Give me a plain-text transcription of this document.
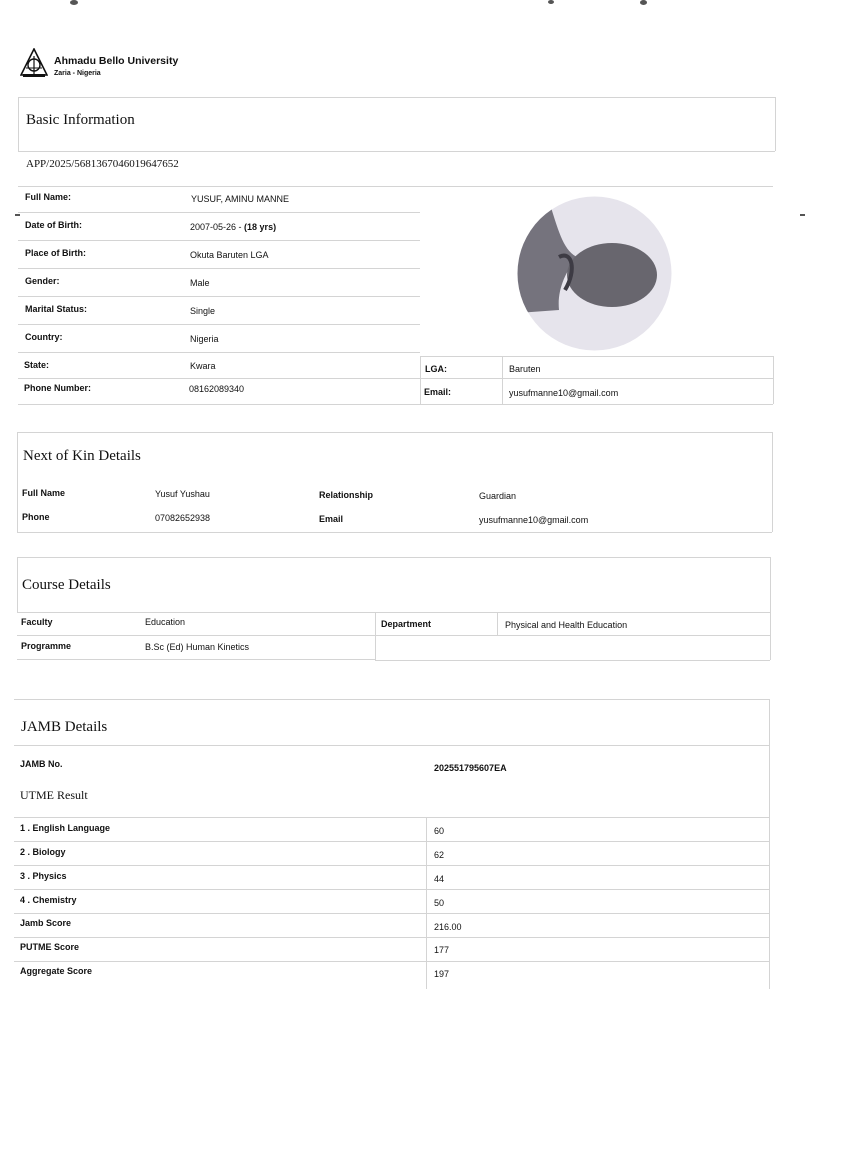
Ahmadu Bello University
Zaria - Nigeria
Basic Information
APP/2025/5681367046019647652
Full Name:	YUSUF, AMINU MANNE
Date of Birth:	2007-05-26 - (18 yrs)
Place of Birth:	Okuta Baruten LGA
Gender:	Male
Marital Status:	Single
Country:	Nigeria
State:	Kwara	LGA:	Baruten
Phone Number:	08162089340	Email:	yusufmanne10@gmail.com
Next of Kin Details
Full Name	Yusuf Yushau	Relationship	Guardian
Phone	07082652938	Email	yusufmanne10@gmail.com
Course Details
Faculty	Education	Department	Physical and Health Education
Programme	B.Sc (Ed) Human Kinetics
JAMB Details
JAMB No.	202551795607EA
UTME Result
1 . English Language	60
2 . Biology	62
3 . Physics	44
4 . Chemistry	50
Jamb Score	216.00
PUTME Score	177
Aggregate Score	197
